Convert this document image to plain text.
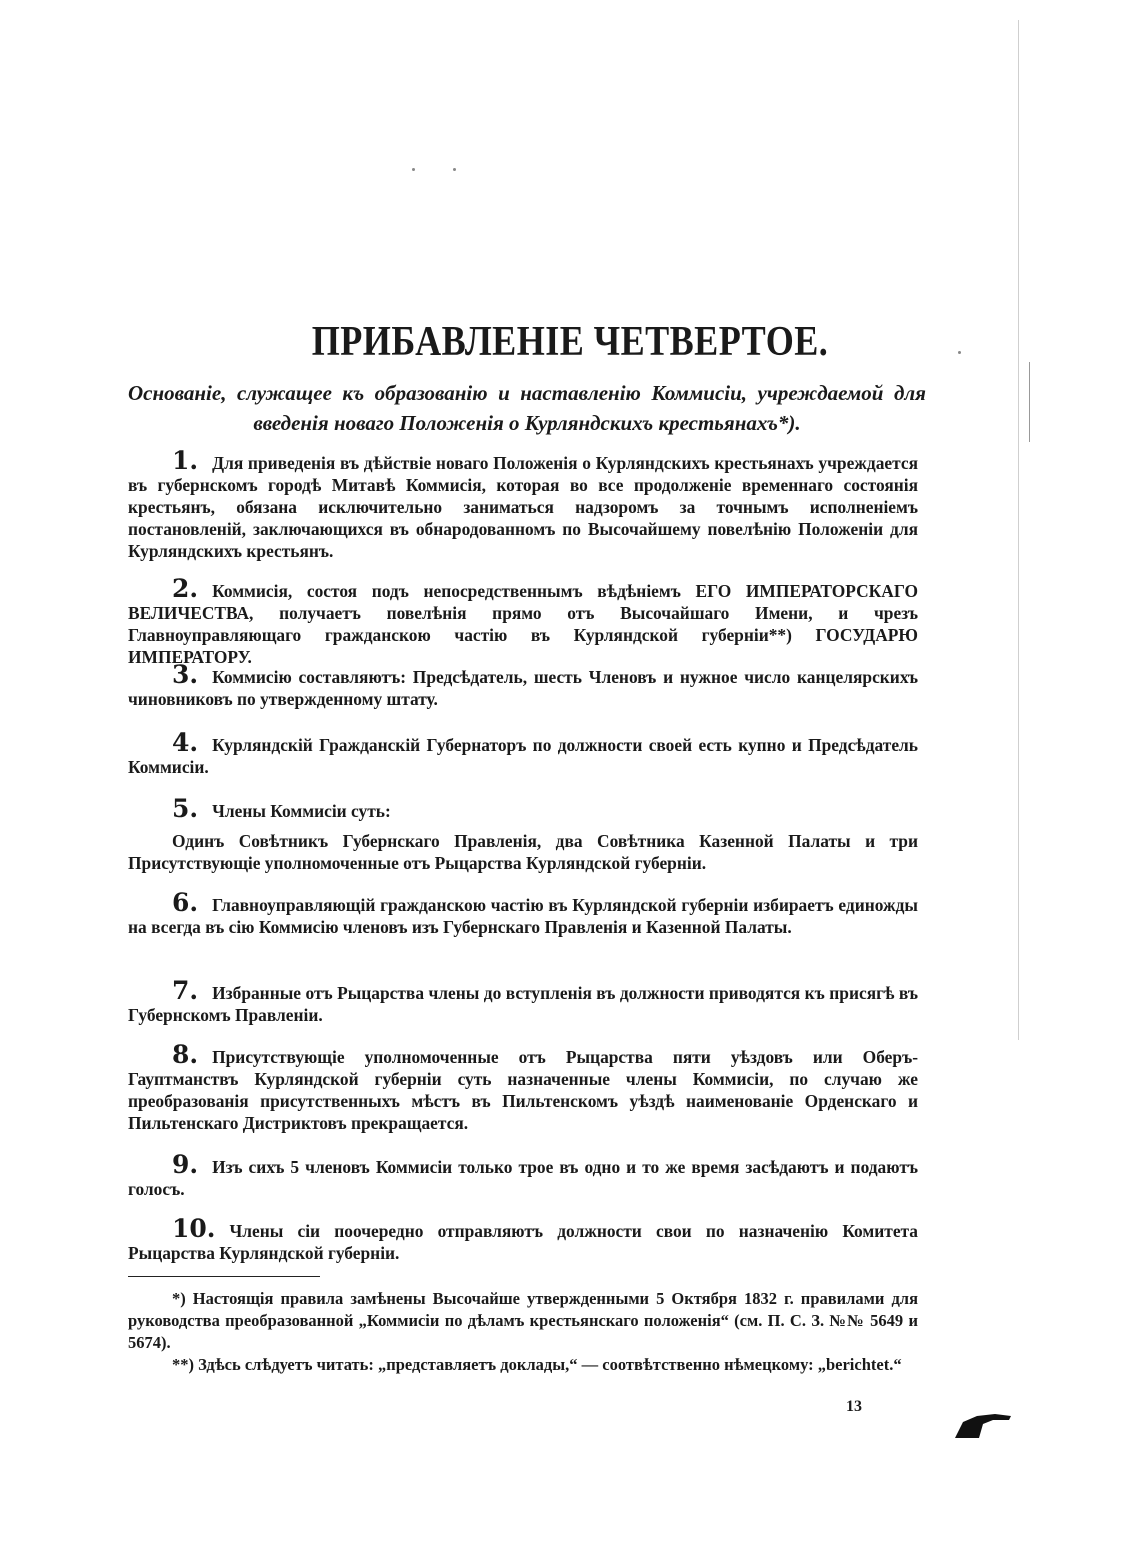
ПРИБАВЛЕНІЕ ЧЕТВЕРТОЕ.
Основаніе, служащее къ образованію и наставленію Коммисіи, учреждаемой для введенія новаго Положенія о Курляндскихъ крестьянахъ*).
1. Для приведенія въ дѣйствіе новаго Положенія о Курляндскихъ крестьянахъ учреждается въ губернскомъ городѣ Митавѣ Коммисія, которая во все продолженіе временнаго состоянія крестьянъ, обязана исключительно заниматься надзоромъ за точнымъ исполненіемъ постановленій, заключающихся въ обнародованномъ по Высочайшему повелѣнію Положеніи для Курляндскихъ крестьянъ.
2. Коммисія, состоя подъ непосредственнымъ вѣдѣніемъ ЕГО ИМПЕРАТОРСКАГО ВЕЛИЧЕСТВА, получаетъ повелѣнія прямо отъ Высочайшаго Имени, и чрезъ Главноуправляющаго гражданскою частію въ Курляндской губерніи**) ГОСУДАРЮ ИМПЕРАТОРУ.
3. Коммисію составляютъ: Предсѣдатель, шесть Членовъ и нужное число канцелярскихъ чиновниковъ по утвержденному штату.
4. Курляндскій Гражданскій Губернаторъ по должности своей есть купно и Предсѣдатель Коммисіи.
5. Члены Коммисіи суть:
Одинъ Совѣтникъ Губернскаго Правленія, два Совѣтника Казенной Палаты и три Присутствующіе уполномоченные отъ Рыцарства Курляндской губерніи.
6. Главноуправляющій гражданскою частію въ Курляндской губерніи избираетъ единожды на всегда въ сію Коммисію членовъ изъ Губернскаго Правленія и Казенной Палаты.
7. Избранные отъ Рыцарства члены до вступленія въ должности приводятся къ присягѣ въ Губернскомъ Правленіи.
8. Присутствующіе уполномоченные отъ Рыцарства пяти уѣздовъ или Оберъ-Гауптманствъ Курляндской губерніи суть назначенные члены Коммисіи, по случаю же преобразованія присутственныхъ мѣстъ въ Пильтенскомъ уѣздѣ наименованіе Орденскаго и Пильтенскаго Дистриктовъ прекращается.
9. Изъ сихъ 5 членовъ Коммисіи только трое въ одно и то же время засѣдаютъ и подаютъ голосъ.
10. Члены сіи поочередно отправляютъ должности свои по назначенію Комитета Рыцарства Курляндской губерніи.
*) Настоящія правила замѣнены Высочайше утвержденными 5 Октября 1832 г. правилами для руководства преобразованной „Коммисіи по дѣламъ крестьянскаго положенія“ (см. П. С. З. №№ 5649 и 5674).
**) Здѣсь слѣдуетъ читать: „представляетъ доклады,“ — соотвѣтственно нѣмецкому: „berichtet.“
13
